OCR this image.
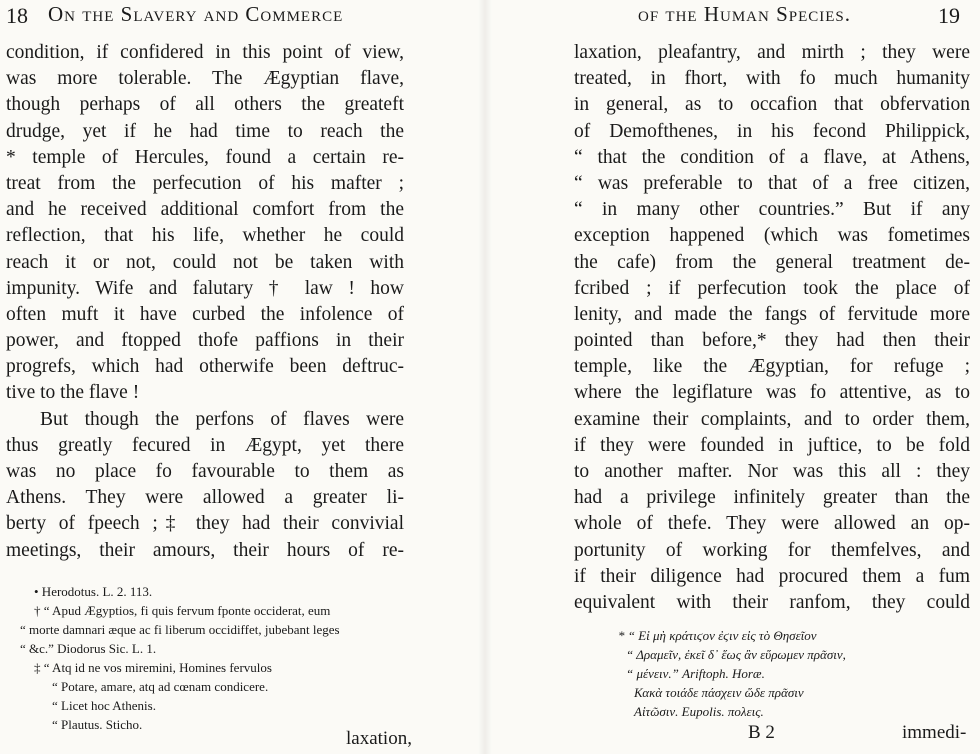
18 On the Slavery and Commerce
condition, if confidered in this point of view,
was more tolerable. The Ægyptian flave,
though perhaps of all others the greateft
drudge, yet if he had time to reach the
* temple of Hercules, found a certain re-
treat from the perfecution of his mafter ;
and he received additional comfort from the
reflection, that his life, whether he could
reach it or not, could not be taken with
impunity. Wife and falutary † law ! how
often muft it have curbed the infolence of
power, and ftopped thofe paffions in their
progrefs, which had otherwife been deftruc-
tive to the flave !
But though the perfons of flaves were
thus greatly fecured in Ægypt, yet there
was no place fo favourable to them as
Athens. They were allowed a greater li-
berty of fpeech ;‡ they had their convivial
meetings, their amours, their hours of re-
• Herodotus. L. 2. 113.
† “ Apud Ægyptios, fi quis fervum fponte occiderat, eum
“ morte damnari æque ac fi liberum occidiffet, jubebant leges
“ &c.” Diodorus Sic. L. 1.
‡ “ Atq id ne vos miremini, Homines fervulos
“ Potare, amare, atq ad cœnam condicere.
“ Licet hoc Athenis.
“ Plautus. Sticho.
laxation,
of the Human Species.	19
laxation, pleafantry, and mirth ; they were
treated, in fhort, with fo much humanity
in general, as to occafion that obfervation
of Demofthenes, in his fecond Philippick,
“ that the condition of a flave, at Athens,
“ was preferable to that of a free citizen,
“ in many other countries.” But if any
exception happened (which was fometimes
the cafe) from the general treatment de-
fcribed ; if perfecution took the place of
lenity, and made the fangs of fervitude more
pointed than before,* they had then their
temple, like the Ægyptian, for refuge ;
where the legiflature was fo attentive, as to
examine their complaints, and to order them,
if they were founded in juftice, to be fold
to another mafter. Nor was this all : they
had a privilege infinitely greater than the
whole of thefe. They were allowed an op-
portunity of working for themfelves, and
if their diligence had procured them a fum
equivalent with their ranfom, they could
* “ Εἰ μὴ κράτιϛον ἐϛιν εἰς τὸ Θησεῖον
“ Δραμεῖν, ἐκεῖ δ᾽ ἕως ἂν εὕρωμεν πρᾶσιν,
“ μένειν.” Ariftoph. Horæ.
Κακὰ τοιάδε πάσχειν ὥδε πρᾶσιν
Αἰτῶσιν. Eupolis. πολεις.
B 2	immedi-
